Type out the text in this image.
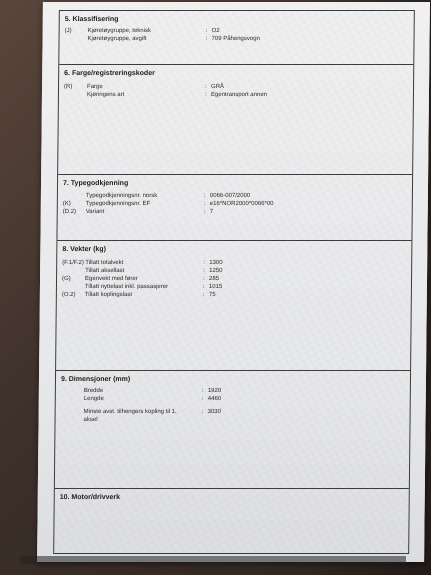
5. Klassifisering
(J)	Kjøretøygruppe, teknisk	: O2
Kjøretøygruppe, avgift	: 709 Påhengsvogn
6. Farge/registreringskoder
(R) Farge	: GRÅ
Kjøringens art	: Egentransport annen
7. Typegodkjenning
Typegodkjenningsnr. norsk	: 0066-007/2000
(K) Typegodkjenningsnr. EF	: e16*NOR2000*0066*00
(D.2) Variant	: 7
8. Vekter (kg)
(F.1/F.2) Tillatt totalvekt	: 1300
Tillatt aksellast	: 1250
(G) Egenvekt med fører	: 285
Tillatt nyttelast inkl. passasjerer	: 1015
(O.2) Tillatt koplingslast	: 75
9. Dimensjoner (mm)
Bredde	: 1920
Lengde	: 4460
Minste avst. tilhengers kopling til 1.	: 3030
aksel
10. Motor/drivverk
